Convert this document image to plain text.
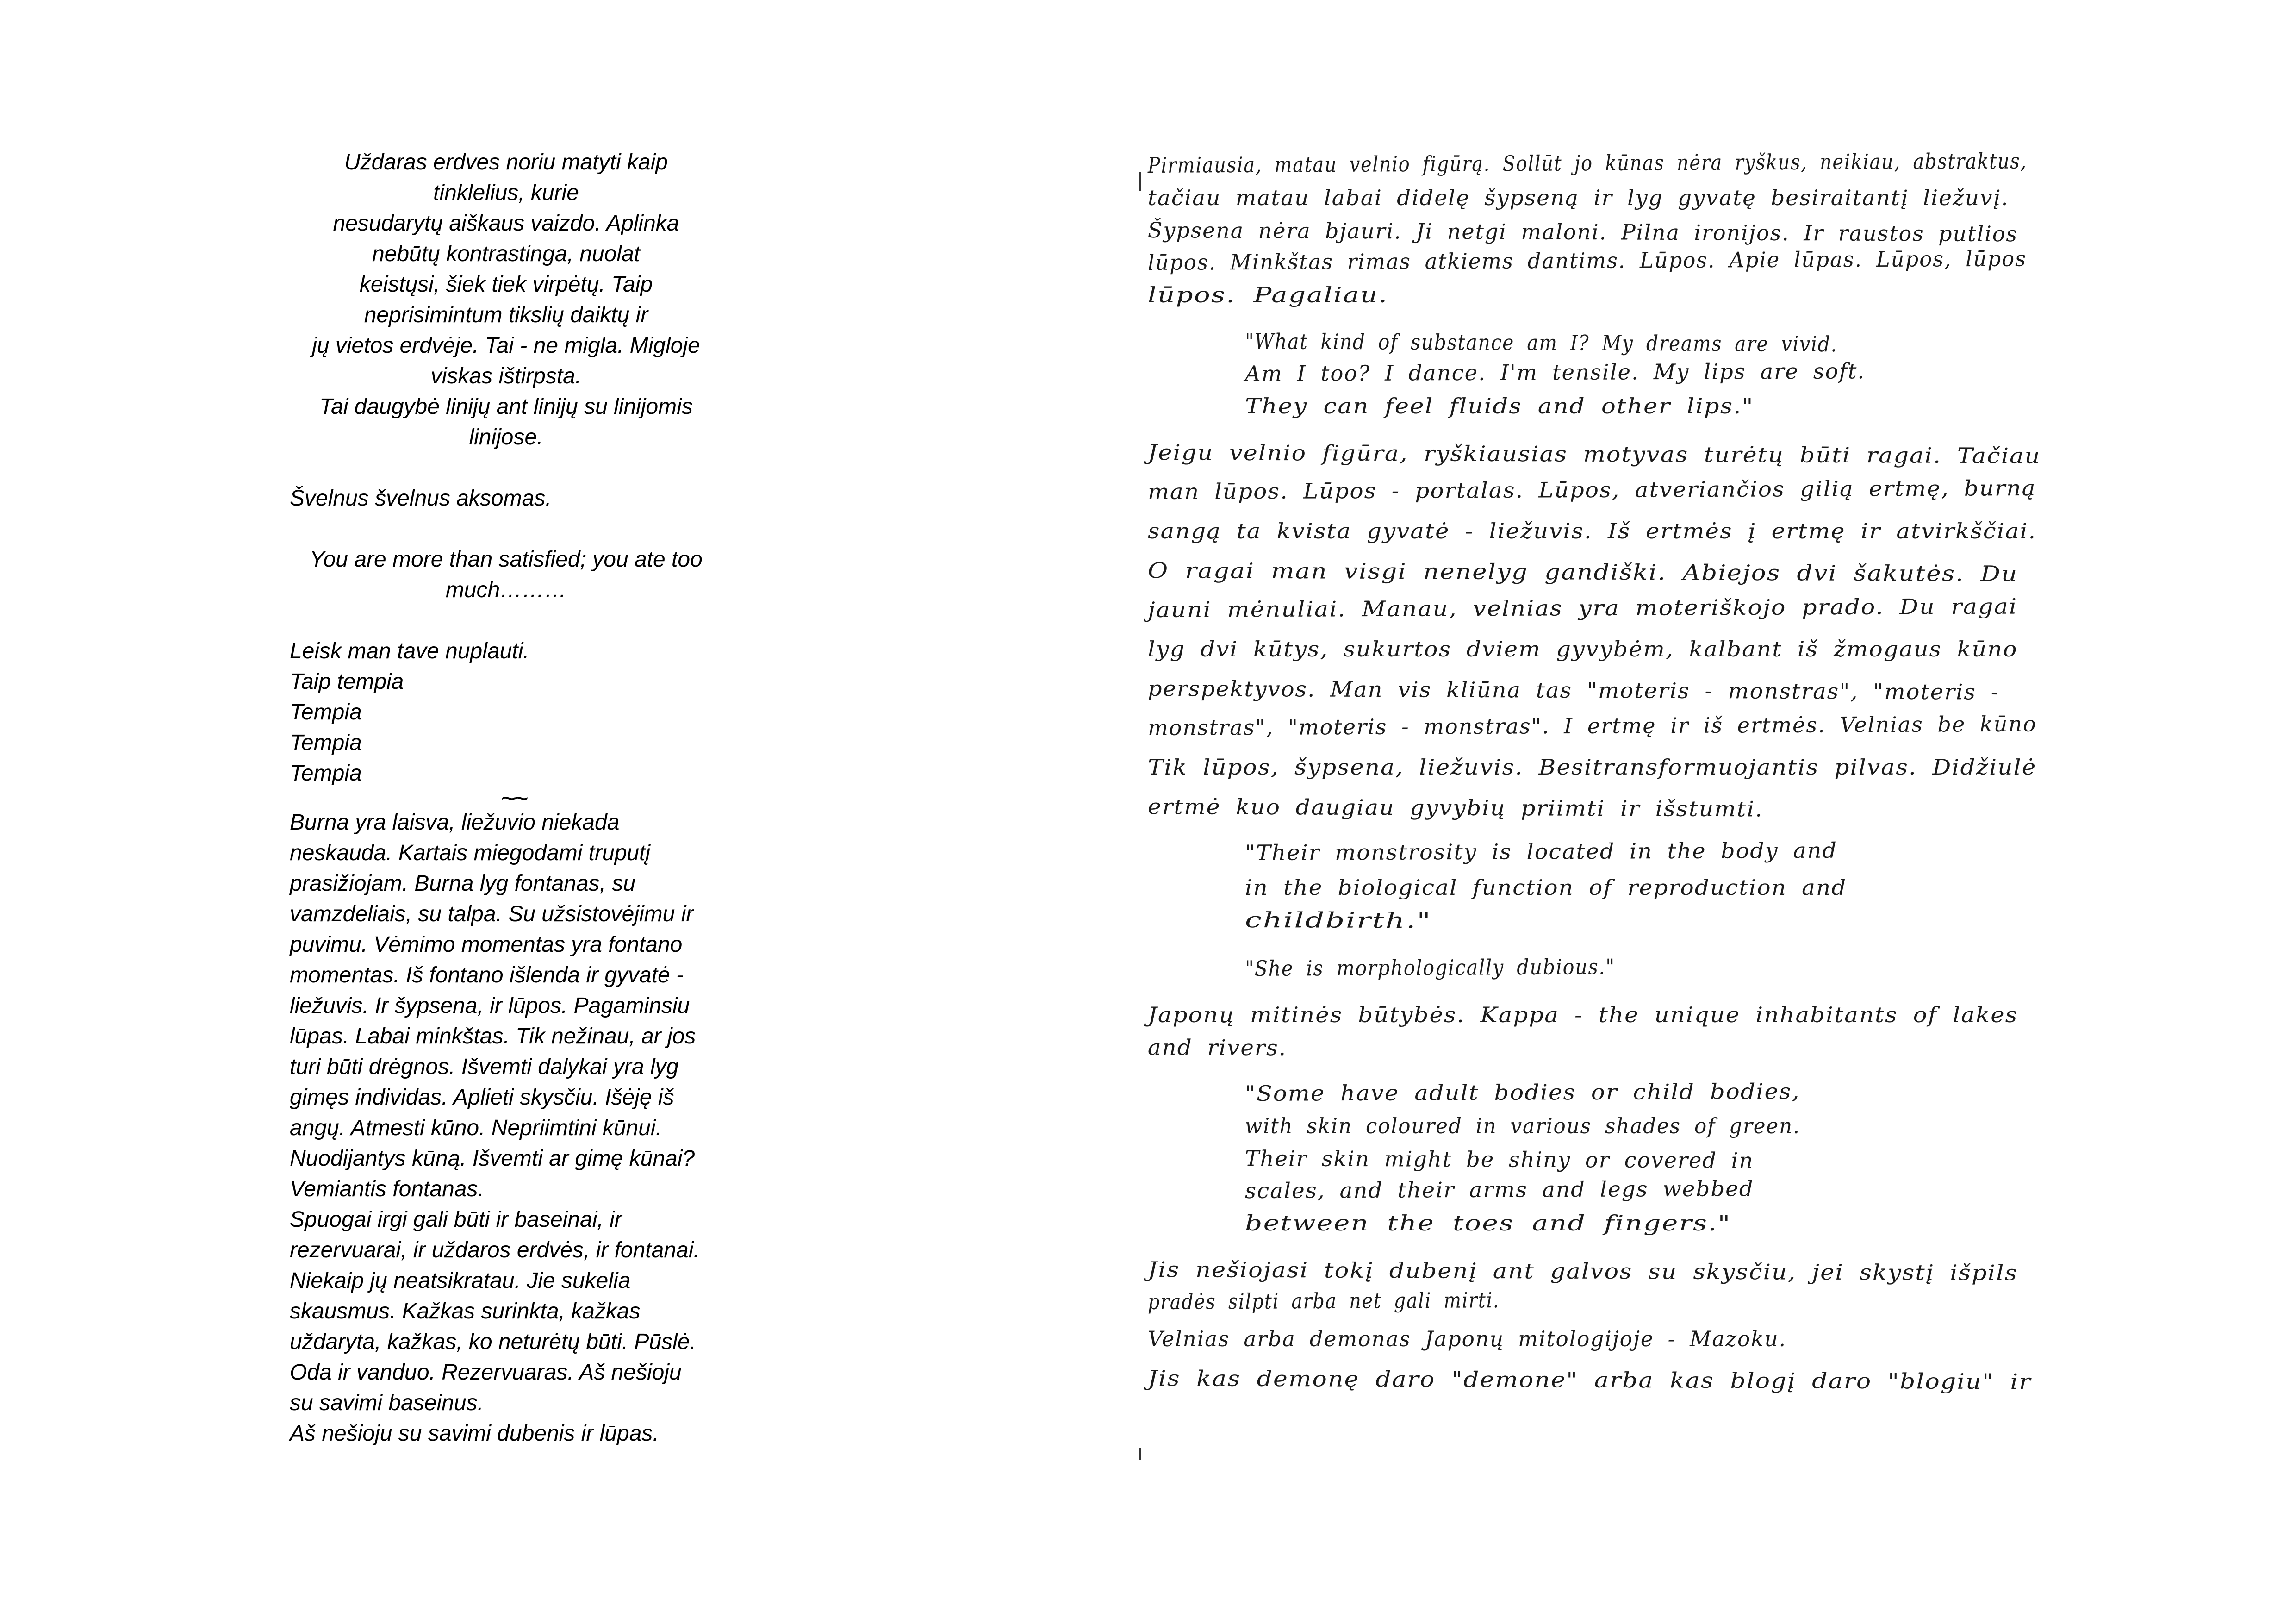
Uždaras erdves noriu matyti kaip
tinklelius, kurie
nesudarytų aiškaus vaizdo. Aplinka
nebūtų kontrastinga, nuolat
keistųsi, šiek tiek virpėtų. Taip
neprisimintum tikslių daiktų ir
jų vietos erdvėje. Tai - ne migla. Migloje
viskas ištirpsta.
Tai daugybė linijų ant linijų su linijomis
linijose.

Švelnus švelnus aksomas.

You are more than satisfied; you ate too
much………

Leisk man tave nuplauti.
Taip tempia
Tempia
Tempia
Tempia

~~

Burna yra laisva, liežuvio niekada
neskauda. Kartais miegodami truputį
prasižiojam. Burna lyg fontanas, su
vamzdeliais, su talpa. Su užsistovėjimu ir
puvimu. Vėmimo momentas yra fontano
momentas. Iš fontano išlenda ir gyvatė -
liežuvis. Ir šypsena, ir lūpos. Pagaminsiu
lūpas. Labai minkštas. Tik nežinau, ar jos
turi būti drėgnos. Išvemti dalykai yra lyg
gimęs individas. Aplieti skysčiu. Išėję iš
angų. Atmesti kūno. Nepriimtini kūnui.
Nuodijantys kūną. Išvemti ar gimę kūnai?
Vemiantis fontanas.
Spuogai irgi gali būti ir baseinai, ir
rezervuarai, ir uždaros erdvės, ir fontanai.
Niekaip jų neatsikratau. Jie sukelia
skausmus. Kažkas surinkta, kažkas
uždaryta, kažkas, ko neturėtų būti. Pūslė.
Oda ir vanduo. Rezervuaras. Aš nešioju
su savimi baseinus.
Aš nešioju su savimi dubenis ir lūpas.

Pirmiausia, matau velnio figūrą. Sollūt jo kūnas nėra ryškus, neikiau, abstraktus,
tačiau matau labai didelę šypseną ir lyg gyvatę besiraitantį liežuvį.
Šypsena nėra bjauri. Ji netgi maloni. Pilna ironijos. Ir raustos putlios
lūpos. Minkštas rimas atkiems dantims. Lūpos. Apie lūpas. Lūpos, lūpos
lūpos. Pagaliau.
"What kind of substance am I? My dreams are vivid.
Am I too? I dance. I'm tensile. My lips are soft.
They can feel fluids and other lips."
Jeigu velnio figūra, ryškiausias motyvas turėtų būti ragai. Tačiau
man lūpos. Lūpos - portalas. Lūpos, atveriančios gilią ertmę, burną
sangą ta kvista gyvatė - liežuvis. Iš ertmės į ertmę ir atvirkščiai.
O ragai man visgi nenelyg gandiški. Abiejos dvi šakutės. Du
jauni mėnuliai. Manau, velnias yra moteriškojo prado. Du ragai
lyg dvi kūtys, sukurtos dviem gyvybėm, kalbant iš žmogaus kūno
perspektyvos. Man vis kliūna tas "moteris - monstras", "moteris -
monstras", "moteris - monstras". I ertmę ir iš ertmės. Velnias be kūno
Tik lūpos, šypsena, liežuvis. Besitransformuojantis pilvas. Didžiulė
ertmė kuo daugiau gyvybių priimti ir išstumti.
"Their monstrosity is located in the body and
in the biological function of reproduction and
childbirth."
"She is morphologically dubious."
Japonų mitinės būtybės. Kappa - the unique inhabitants of lakes
and rivers.
"Some have adult bodies or child bodies,
with skin coloured in various shades of green.
Their skin might be shiny or covered in
scales, and their arms and legs webbed
between the toes and fingers."
Jis nešiojasi tokį dubenį ant galvos su skysčiu, jei skystį išpils
pradės silpti arba net gali mirti.
Velnias arba demonas Japonų mitologijoje - Mazoku.
Jis kas demonę daro "demone" arba kas blogį daro "blogiu" ir
